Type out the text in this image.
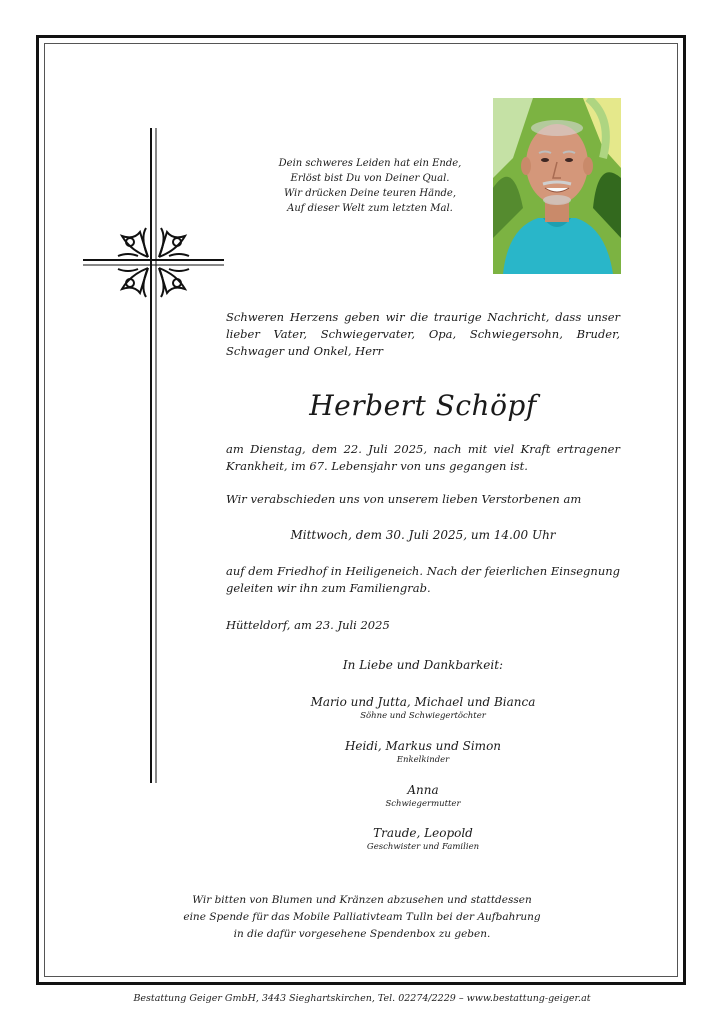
Dein schweres Leiden hat ein Ende,
Erlöst bist Du von Deiner Qual.
Wir drücken Deine teuren Hände,
Auf dieser Welt zum letzten Mal.
Schweren Herzens geben wir die traurige Nachricht, dass unser lieber Vater, Schwiegervater, Opa, Schwiegersohn, Bruder, Schwager und Onkel, Herr
Herbert Schöpf
am Dienstag, dem 22. Juli 2025, nach mit viel Kraft ertragener Krankheit, im 67. Lebensjahr von uns gegangen ist.
Wir verabschieden uns von unserem lieben Verstorbenen am
Mittwoch, dem 30. Juli 2025, um 14.00 Uhr
auf dem Friedhof in Heiligeneich. Nach der feierlichen Einsegnung geleiten wir ihn zum Familiengrab.
Hütteldorf, am 23. Juli 2025
In Liebe und Dankbarkeit:
Mario und Jutta, Michael und Bianca
Söhne und Schwiegertöchter
Heidi, Markus und Simon
Enkelkinder
Anna
Schwiegermutter
Traude, Leopold
Geschwister und Familien
Wir bitten von Blumen und Kränzen abzusehen und stattdessen
eine Spende für das Mobile Palliativteam Tulln bei der Aufbahrung
in die dafür vorgesehene Spendenbox zu geben.
Bestattung Geiger GmbH, 3443 Sieghartskirchen, Tel. 02274/2229 – www.bestattung-geiger.at
